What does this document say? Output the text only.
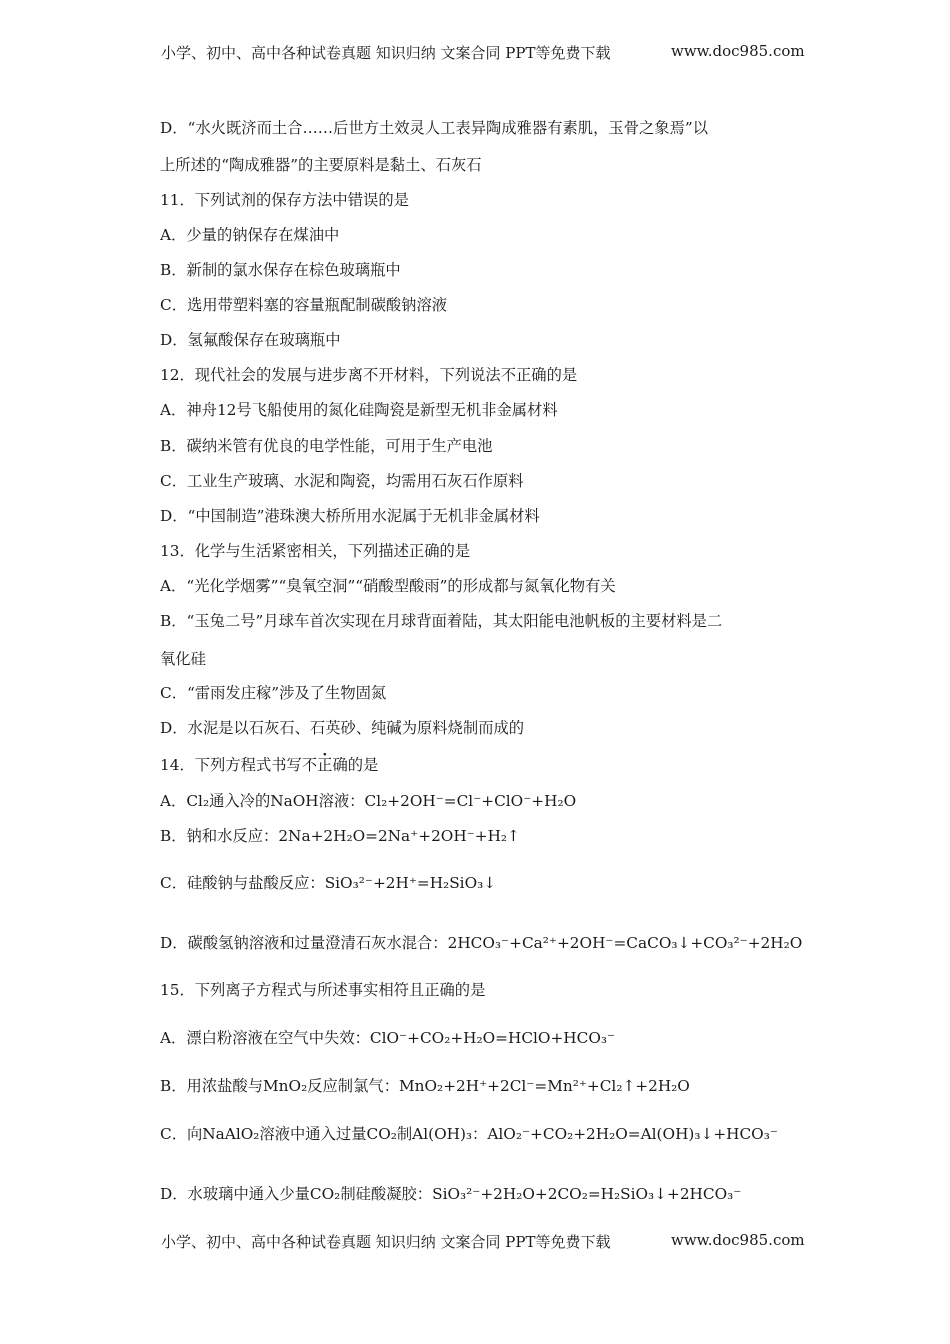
小学、初中、高中各种试卷真题 知识归纳 文案合同 PPT等免费下载	www.doc985.com
D．“水火既济而土合……后世方土效灵人工表异陶成雅器有素肌，玉骨之象焉”以
上所述的“陶成雅器”的主要原料是黏土、石灰石
11．下列试剂的保存方法中错误的是
A．少量的钠保存在煤油中
B．新制的氯水保存在棕色玻璃瓶中
C．选用带塑料塞的容量瓶配制碳酸钠溶液
D．氢氟酸保存在玻璃瓶中
12．现代社会的发展与进步离不开材料，下列说法不正确的是
A．神舟12号飞船使用的氮化硅陶瓷是新型无机非金属材料
B．碳纳米管有优良的电学性能，可用于生产电池
C．工业生产玻璃、水泥和陶瓷，均需用石灰石作原料
D．“中国制造”港珠澳大桥所用水泥属于无机非金属材料
13．化学与生活紧密相关，下列描述正确的是
A．“光化学烟雾”“臭氧空洞”“硝酸型酸雨”的形成都与氮氧化物有关
B．“玉兔二号”月球车首次实现在月球背面着陆，其太阳能电池帆板的主要材料是二
氧化硅
C．“雷雨发庄稼”涉及了生物固氮
D．水泥是以石灰石、石英砂、纯碱为原料烧制而成的
14．下列方程式书写不正确的是
A．Cl₂通入冷的NaOH溶液：Cl₂+2OH⁻=Cl⁻+ClO⁻+H₂O
B．钠和水反应：2Na+2H₂O=2Na⁺+2OH⁻+H₂↑
C．硅酸钠与盐酸反应：SiO₃²⁻+2H⁺=H₂SiO₃↓
D．碳酸氢钠溶液和过量澄清石灰水混合：2HCO₃⁻+Ca²⁺+2OH⁻=CaCO₃↓+CO₃²⁻+2H₂O
15．下列离子方程式与所述事实相符且正确的是
A．漂白粉溶液在空气中失效：ClO⁻+CO₂+H₂O=HClO+HCO₃⁻
B．用浓盐酸与MnO₂反应制氯气：MnO₂+2H⁺+2Cl⁻=Mn²⁺+Cl₂↑+2H₂O
C．向NaAlO₂溶液中通入过量CO₂制Al(OH)₃：AlO₂⁻+CO₂+2H₂O=Al(OH)₃↓+HCO₃⁻
D．水玻璃中通入少量CO₂制硅酸凝胶：SiO₃²⁻+2H₂O+2CO₂=H₂SiO₃↓+2HCO₃⁻
小学、初中、高中各种试卷真题 知识归纳 文案合同 PPT等免费下载	www.doc985.com
